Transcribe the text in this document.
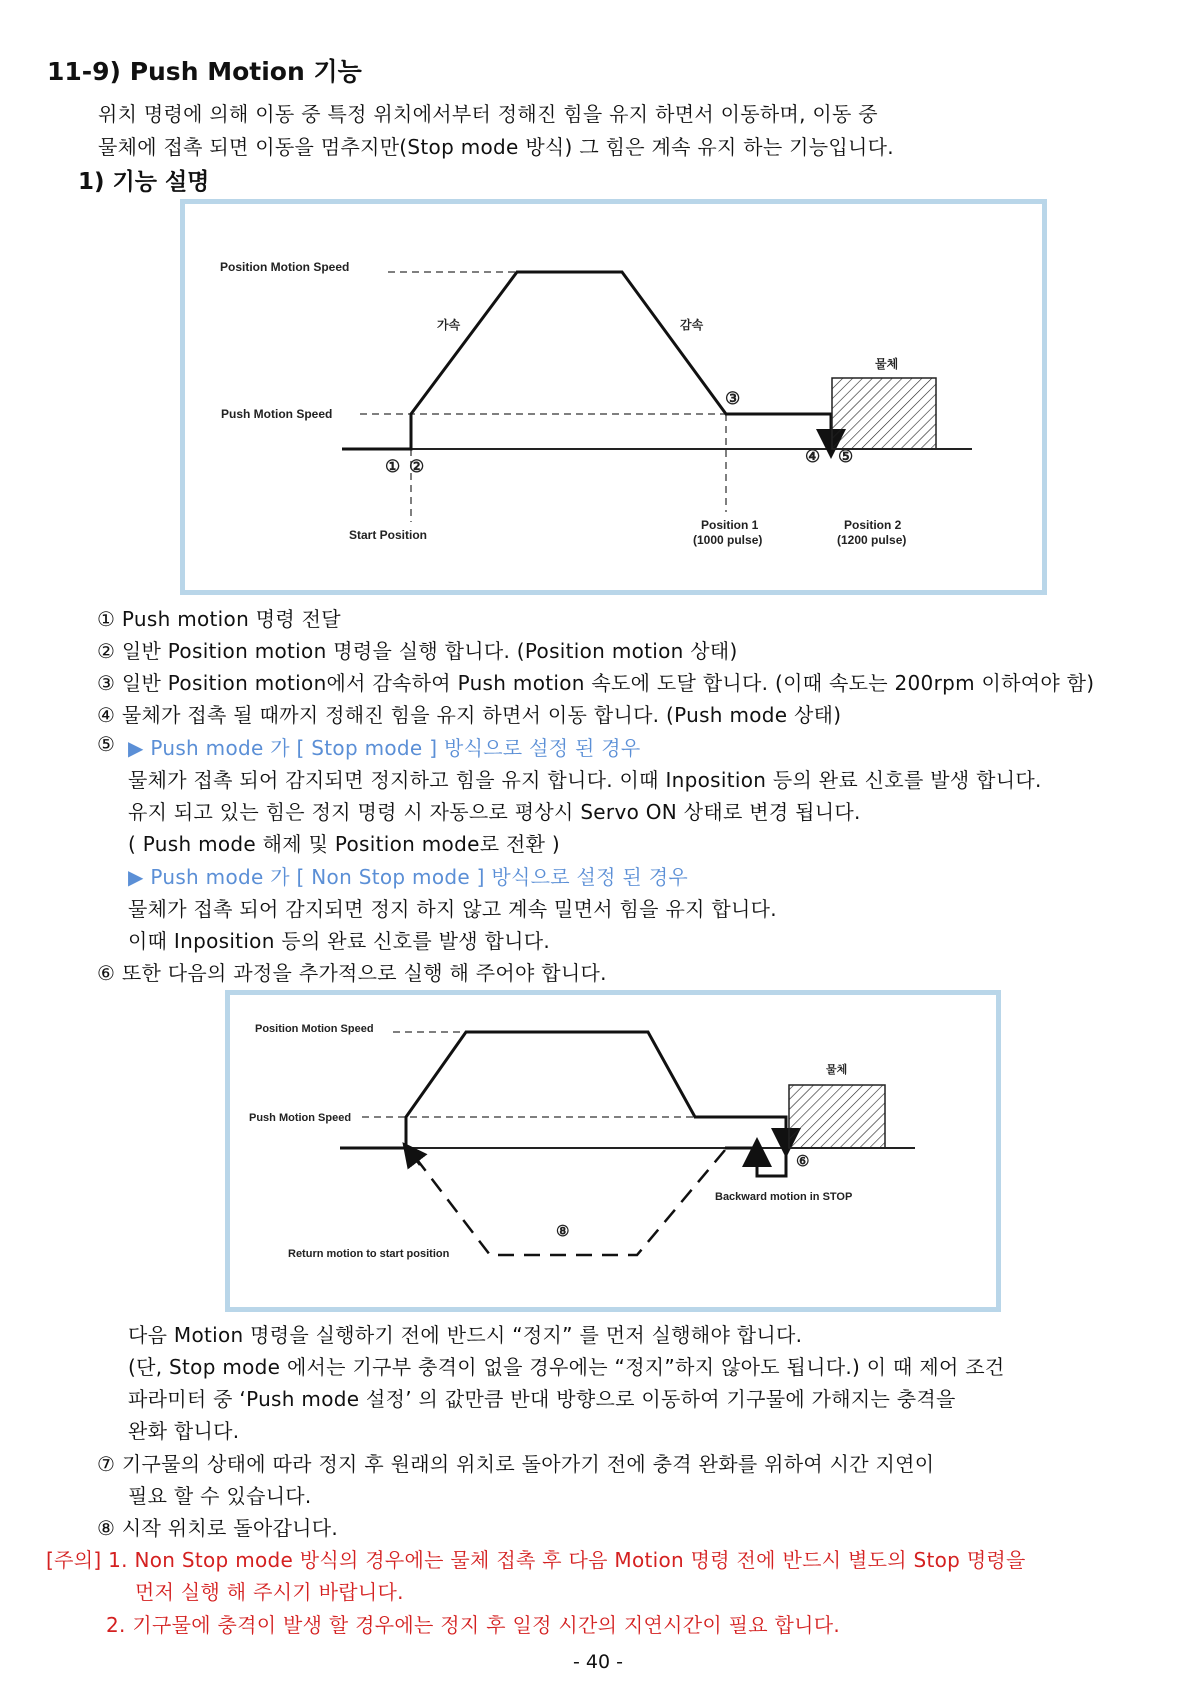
11-9) Push Motion 기능
위치 명령에 의해 이동 중 특정 위치에서부터 정해진 힘을 유지 하면서 이동하며, 이동 중
물체에 접촉 되면 이동을 멈추지만(Stop mode 방식) 그 힘은 계속 유지 하는 기능입니다.
1) 기능 설명
Position Motion Speed
Push Motion Speed
가속	감속
물체
Start Position
Position 1
(1000 pulse)
Position 2
(1200 pulse)
① ②
③
④ ⑤
① Push motion 명령 전달
② 일반 Position motion 명령을 실행 합니다. (Position motion 상태)
③ 일반 Position motion에서 감속하여 Push motion 속도에 도달 합니다. (이때 속도는 200rpm 이하여야 함)
④ 물체가 접촉 될 때까지 정해진 힘을 유지 하면서 이동 합니다. (Push mode 상태)
⑤ ▶ Push mode 가 [ Stop mode ] 방식으로 설정 된 경우
물체가 접촉 되어 감지되면 정지하고 힘을 유지 합니다. 이때 Inposition 등의 완료 신호를 발생 합니다.
유지 되고 있는 힘은 정지 명령 시 자동으로 평상시 Servo ON 상태로 변경 됩니다.
( Push mode 해제 및 Position mode로 전환 )
▶ Push mode 가 [ Non Stop mode ] 방식으로 설정 된 경우
물체가 접촉 되어 감지되면 정지 하지 않고 계속 밀면서 힘을 유지 합니다.
이때 Inposition 등의 완료 신호를 발생 합니다.
⑥ 또한 다음의 과정을 추가적으로 실행 해 주어야 합니다.
Position Motion Speed
Push Motion Speed
물체
Backward motion in STOP
Return motion to start position
⑥
⑧
다음 Motion 명령을 실행하기 전에 반드시 “정지” 를 먼저 실행해야 합니다.
(단, Stop mode 에서는 기구부 충격이 없을 경우에는 “정지”하지 않아도 됩니다.) 이 때 제어 조건
파라미터 중 ‘Push mode 설정’ 의 값만큼 반대 방향으로 이동하여 기구물에 가해지는 충격을
완화 합니다.
⑦ 기구물의 상태에 따라 정지 후 원래의 위치로 돌아가기 전에 충격 완화를 위하여 시간 지연이
필요 할 수 있습니다.
⑧ 시작 위치로 돌아갑니다.
[주의] 1. Non Stop mode 방식의 경우에는 물체 접촉 후 다음 Motion 명령 전에 반드시 별도의 Stop 명령을
먼저 실행 해 주시기 바랍니다.
2. 기구물에 충격이 발생 할 경우에는 정지 후 일정 시간의 지연시간이 필요 합니다.
- 40 -
